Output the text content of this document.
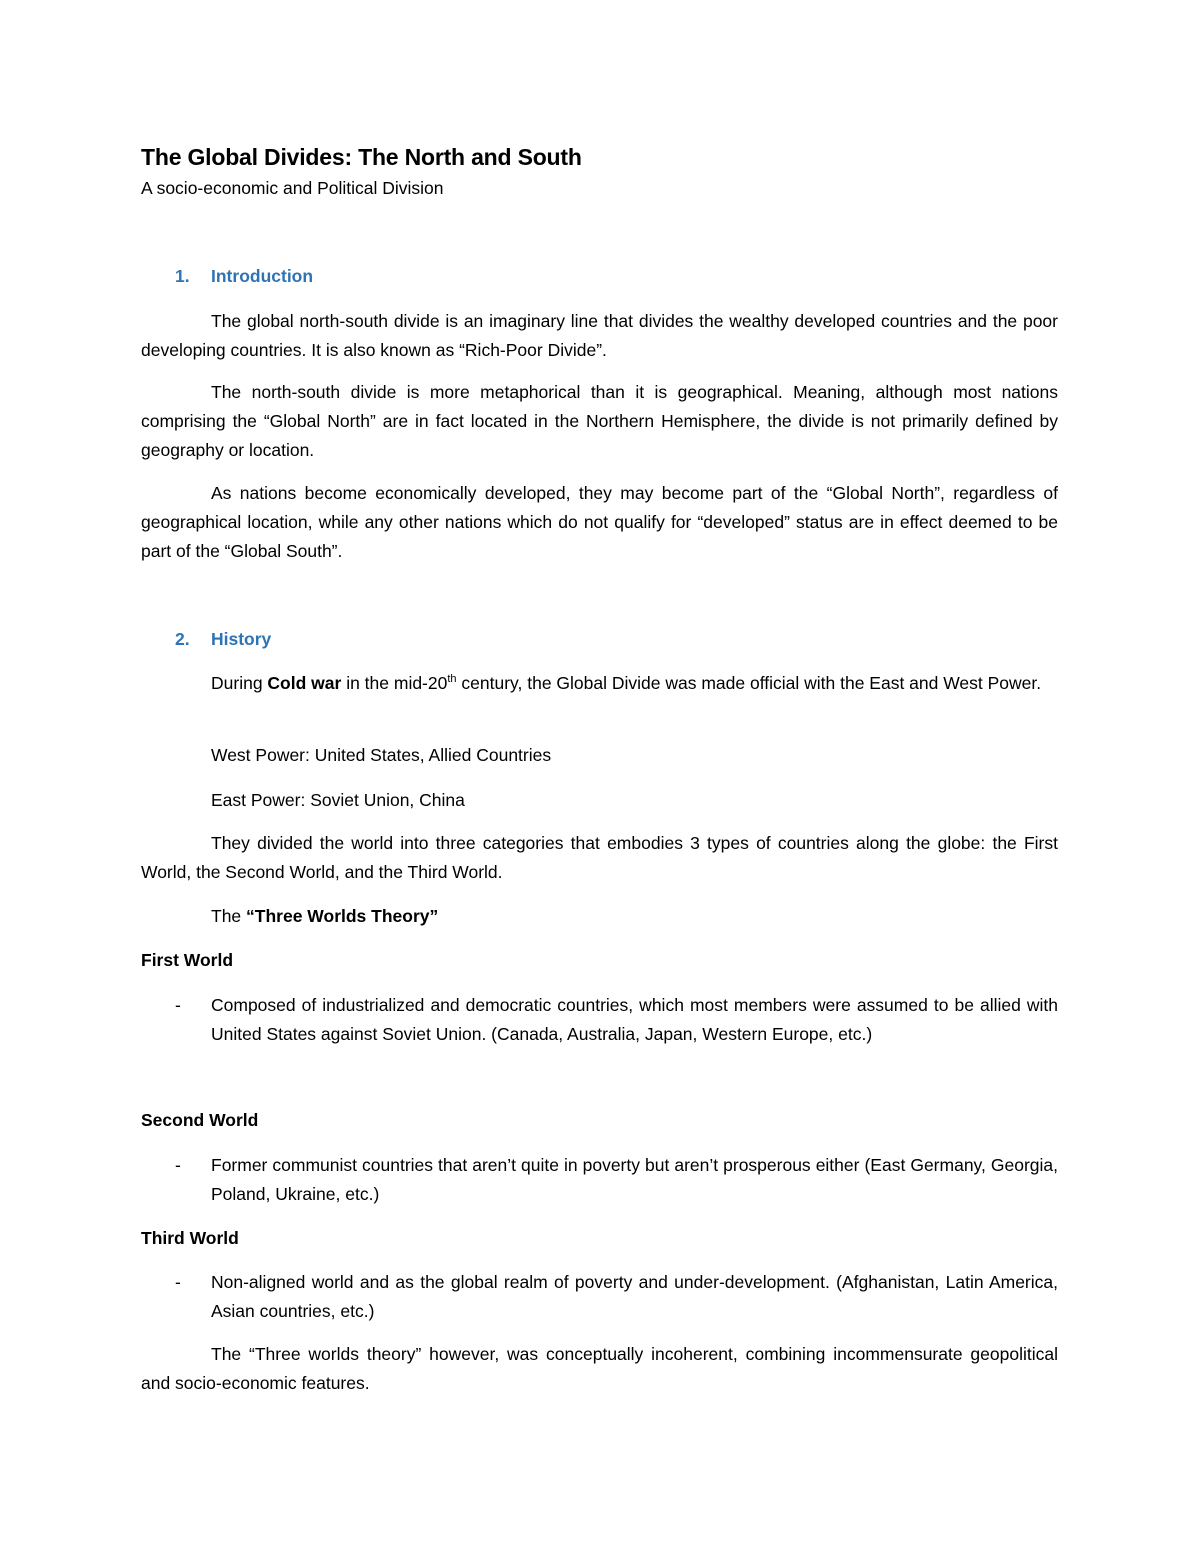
The Global Divides: The North and South
A socio-economic and Political Division
1. Introduction

The global north-south divide is an imaginary line that divides the wealthy developed countries and the poor developing countries. It is also known as “Rich-Poor Divide”.

The north-south divide is more metaphorical than it is geographical. Meaning, although most nations comprising the “Global North” are in fact located in the Northern Hemisphere, the divide is not primarily defined by geography or location.

As nations become economically developed, they may become part of the “Global North”, regardless of geographical location, while any other nations which do not qualify for “developed” status are in effect deemed to be part of the “Global South”.

2. History

During Cold war in the mid-20th century, the Global Divide was made official with the East and West Power.

West Power: United States, Allied Countries

East Power: Soviet Union, China

They divided the world into three categories that embodies 3 types of countries along the globe: the First World, the Second World, and the Third World.

The “Three Worlds Theory”

First World
- Composed of industrialized and democratic countries, which most members were assumed to be allied with United States against Soviet Union. (Canada, Australia, Japan, Western Europe, etc.)
Second World
- Former communist countries that aren’t quite in poverty but aren’t prosperous either (East Germany, Georgia, Poland, Ukraine, etc.)
Third World
- Non-aligned world and as the global realm of poverty and under-development. (Afghanistan, Latin America, Asian countries, etc.)

The “Three worlds theory” however, was conceptually incoherent, combining incommensurate geopolitical and socio-economic features.
